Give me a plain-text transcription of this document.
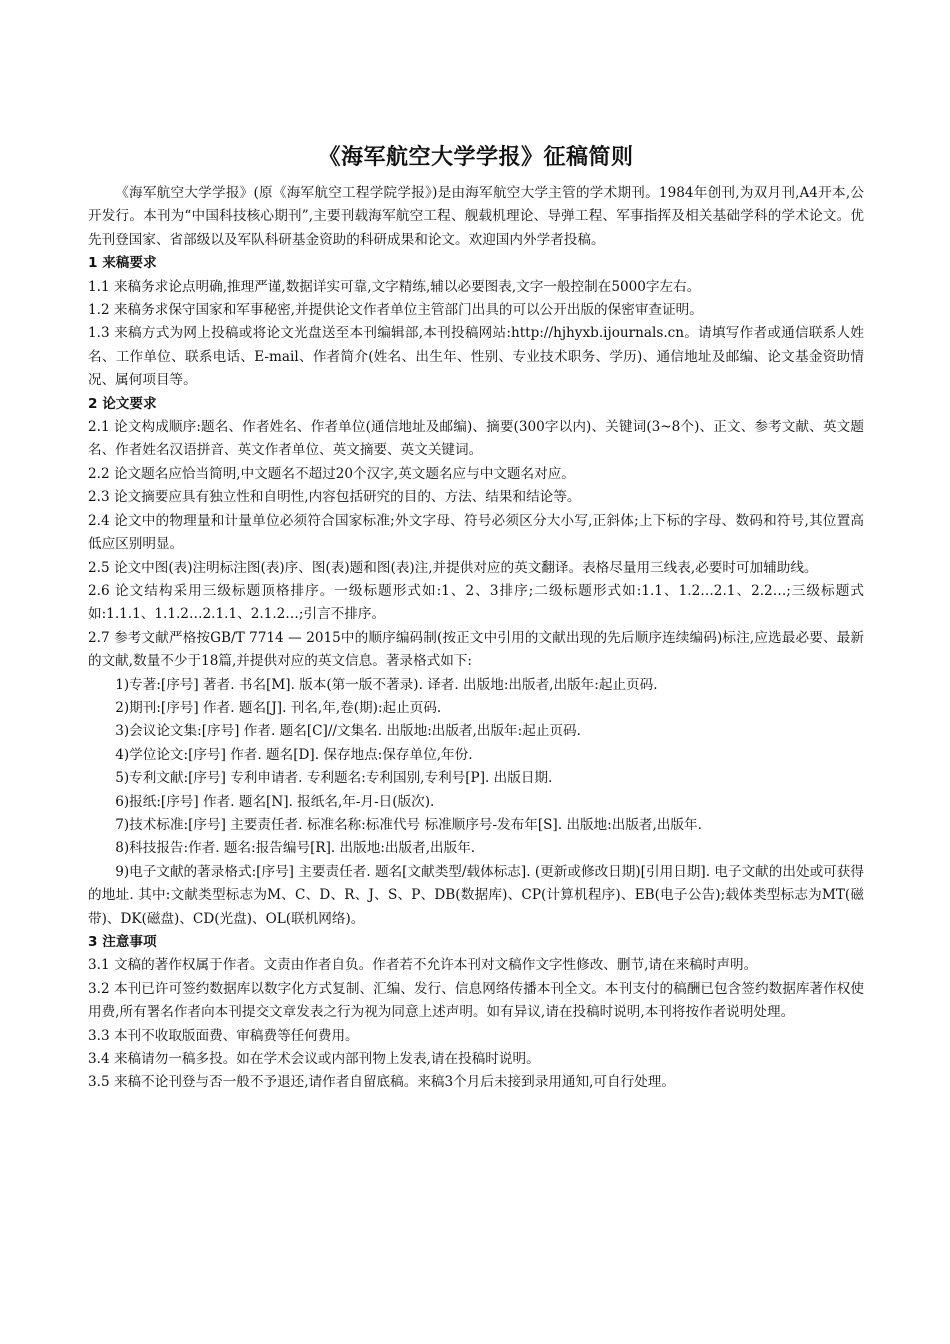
《海军航空大学学报》征稿简则

《海军航空大学学报》(原《海军航空工程学院学报》)是由海军航空大学主管的学术期刊。1984年创刊,为双月刊,A4开本,公开发行。本刊为“中国科技核心期刊”,主要刊载海军航空工程、舰载机理论、导弹工程、军事指挥及相关基础学科的学术论文。优先刊登国家、省部级以及军队科研基金资助的科研成果和论文。欢迎国内外学者投稿。

1 来稿要求

1.1 来稿务求论点明确,推理严谨,数据详实可靠,文字精练,辅以必要图表,文字一般控制在5000字左右。

1.2 来稿务求保守国家和军事秘密,并提供论文作者单位主管部门出具的可以公开出版的保密审查证明。

1.3 来稿方式为网上投稿或将论文光盘送至本刊编辑部,本刊投稿网站:http://hjhyxb.ijournals.cn。请填写作者或通信联系人姓名、工作单位、联系电话、E-mail、作者简介(姓名、出生年、性别、专业技术职务、学历)、通信地址及邮编、论文基金资助情况、属何项目等。

2 论文要求

2.1 论文构成顺序:题名、作者姓名、作者单位(通信地址及邮编)、摘要(300字以内)、关键词(3~8个)、正文、参考文献、英文题名、作者姓名汉语拼音、英文作者单位、英文摘要、英文关键词。

2.2 论文题名应恰当简明,中文题名不超过20个汉字,英文题名应与中文题名对应。

2.3 论文摘要应具有独立性和自明性,内容包括研究的目的、方法、结果和结论等。

2.4 论文中的物理量和计量单位必须符合国家标准;外文字母、符号必须区分大小写,正斜体;上下标的字母、数码和符号,其位置高低应区别明显。

2.5 论文中图(表)注明标注图(表)序、图(表)题和图(表)注,并提供对应的英文翻译。表格尽量用三线表,必要时可加辅助线。

2.6 论文结构采用三级标题顶格排序。一级标题形式如:1、2、3排序;二级标题形式如:1.1、1.2…2.1、2.2…;三级标题式如:1.1.1、1.1.2…2.1.1、2.1.2…;引言不排序。

2.7 参考文献严格按GB/T 7714 — 2015中的顺序编码制(按正文中引用的文献出现的先后顺序连续编码)标注,应选最必要、最新的文献,数量不少于18篇,并提供对应的英文信息。著录格式如下:

1)专著:[序号] 著者. 书名[M]. 版本(第一版不著录). 译者. 出版地:出版者,出版年:起止页码.

2)期刊:[序号] 作者. 题名[J]. 刊名,年,卷(期):起止页码.

3)会议论文集:[序号] 作者. 题名[C]//文集名. 出版地:出版者,出版年:起止页码.

4)学位论文:[序号] 作者. 题名[D]. 保存地点:保存单位,年份.

5)专利文献:[序号] 专利申请者. 专利题名:专利国别,专利号[P]. 出版日期.

6)报纸:[序号] 作者. 题名[N]. 报纸名,年-月-日(版次).

7)技术标准:[序号] 主要责任者. 标准名称:标准代号 标准顺序号-发布年[S]. 出版地:出版者,出版年.

8)科技报告:作者. 题名:报告编号[R]. 出版地:出版者,出版年.

9)电子文献的著录格式:[序号] 主要责任者. 题名[文献类型/载体标志]. (更新或修改日期)[引用日期]. 电子文献的出处或可获得的地址. 其中:文献类型标志为M、C、D、R、J、S、P、DB(数据库)、CP(计算机程序)、EB(电子公告);载体类型标志为MT(磁带)、DK(磁盘)、CD(光盘)、OL(联机网络)。

3 注意事项

3.1 文稿的著作权属于作者。文责由作者自负。作者若不允许本刊对文稿作文字性修改、删节,请在来稿时声明。

3.2 本刊已许可签约数据库以数字化方式复制、汇编、发行、信息网络传播本刊全文。本刊支付的稿酬已包含签约数据库著作权使用费,所有署名作者向本刊提交文章发表之行为视为同意上述声明。如有异议,请在投稿时说明,本刊将按作者说明处理。

3.3 本刊不收取版面费、审稿费等任何费用。

3.4 来稿请勿一稿多投。如在学术会议或内部刊物上发表,请在投稿时说明。

3.5 来稿不论刊登与否一般不予退还,请作者自留底稿。来稿3个月后未接到录用通知,可自行处理。
